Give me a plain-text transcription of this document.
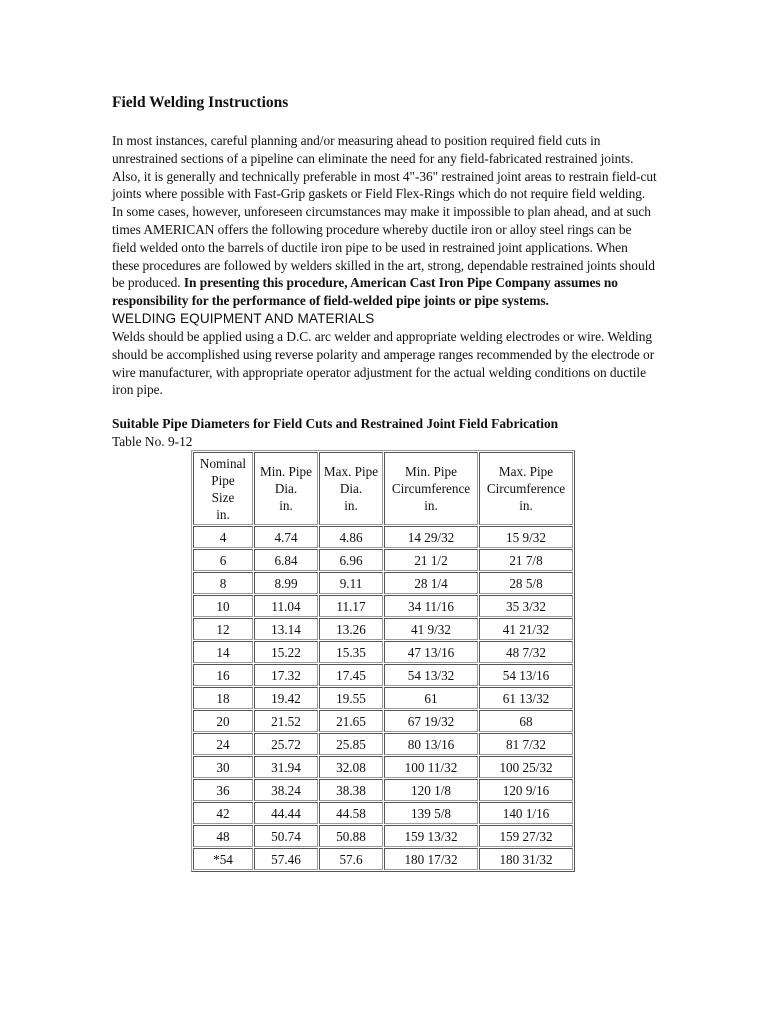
Field Welding Instructions

In most instances, careful planning and/or measuring ahead to position required field cuts in unrestrained sections of a pipeline can eliminate the need for any field-fabricated restrained joints. Also, it is generally and technically preferable in most 4"-36" restrained joint areas to restrain field-cut joints where possible with Fast-Grip gaskets or Field Flex-Rings which do not require field welding. In some cases, however, unforeseen circumstances may make it impossible to plan ahead, and at such times AMERICAN offers the following procedure whereby ductile iron or alloy steel rings can be field welded onto the barrels of ductile iron pipe to be used in restrained joint applications. When these procedures are followed by welders skilled in the art, strong, dependable restrained joints should be produced. In presenting this procedure, American Cast Iron Pipe Company assumes no responsibility for the performance of field-welded pipe joints or pipe systems.

WELDING EQUIPMENT AND MATERIALS

Welds should be applied using a D.C. arc welder and appropriate welding electrodes or wire. Welding should be accomplished using reverse polarity and amperage ranges recommended by the electrode or wire manufacturer, with appropriate operator adjustment for the actual welding conditions on ductile iron pipe.

Suitable Pipe Diameters for Field Cuts and Restrained Joint Field Fabrication
Table No. 9-12
Nominal
Pipe
Size
in.	Min. Pipe
Dia.
in.	Max. Pipe
Dia.
in.	Min. Pipe
Circumference
in.	Max. Pipe
Circumference
in.
4	4.74	4.86	14 29/32	15 9/32
6	6.84	6.96	21 1/2	21 7/8
8	8.99	9.11	28 1/4	28 5/8
10	11.04	11.17	34 11/16	35 3/32
12	13.14	13.26	41 9/32	41 21/32
14	15.22	15.35	47 13/16	48 7/32
16	17.32	17.45	54 13/32	54 13/16
18	19.42	19.55	61	61 13/32
20	21.52	21.65	67 19/32	68
24	25.72	25.85	80 13/16	81 7/32
30	31.94	32.08	100 11/32	100 25/32
36	38.24	38.38	120 1/8	120 9/16
42	44.44	44.58	139 5/8	140 1/16
48	50.74	50.88	159 13/32	159 27/32
*54	57.46	57.6	180 17/32	180 31/32
